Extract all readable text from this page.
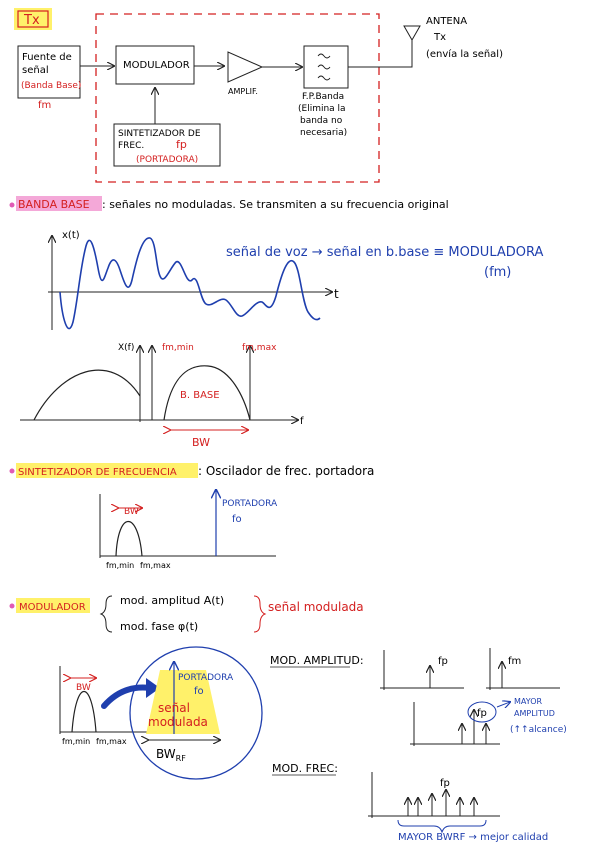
Tx
Fuente de
señal
(Banda Base)
fm
MODULADOR
AMPLIF.
F.P.Banda
(Elimina la
banda no
necesaria)
ANTENA
Tx
(envía la señal)
SINTETIZADOR DE
FREC.	fp
(PORTADORA)
BANDA BASE : señales no moduladas. Se transmiten a su frecuencia original
x(t)
t
señal de voz → señal en b.base ≡ MODULADORA
(fm)
X(f)
f
fm,min	fm,max
B. BASE
BW
SINTETIZADOR DE FRECUENCIA : Oscilador de frec. portadora
BW
fm,min fm,max
PORTADORA
fo
MODULADOR
mod. amplitud A(t)
mod. fase φ(t)
señal modulada
BW
fm,min fm,max
PORTADORA
fo
señal
modulada
$BW_{RF}$
MOD. AMPLITUD:	fp	fm
fp
MAYOR
AMPLITUD
(↑↑alcance)
MOD. FREC:
fp
MAYOR BWRF → mejor calidad
